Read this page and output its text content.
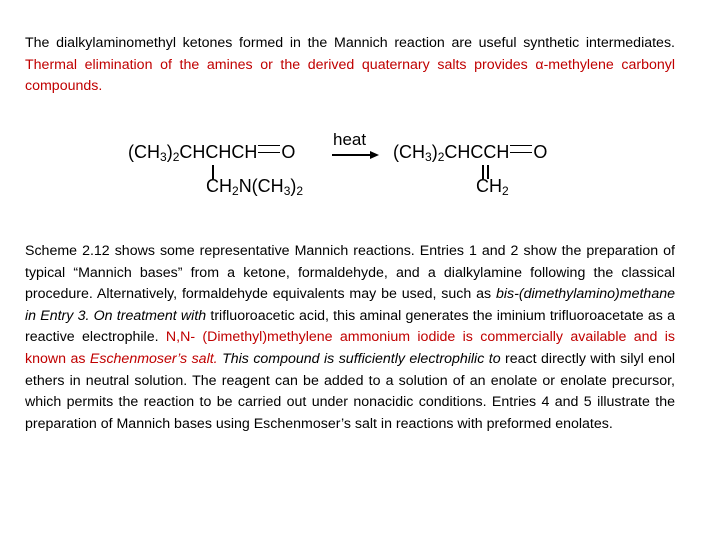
The dialkylaminomethyl ketones formed in the Mannich reaction are useful synthetic intermediates. Thermal elimination of the amines or the derived quaternary salts provides α-methylene carbonyl compounds.

$(CH_3)_2CHCHCH$ O
$CH_2N(CH_3)_2$
heat
$(CH_3)_2CHCCH$ O
$CH_2$

Scheme 2.12 shows some representative Mannich reactions. Entries 1 and 2 show the preparation of typical “Mannich bases” from a ketone, formaldehyde, and a dialkylamine following the classical procedure. Alternatively, formaldehyde equivalents may be used, such as bis-(dimethylamino)methane in Entry 3. On treatment with trifluoroacetic acid, this aminal generates the iminium trifluoroacetate as a reactive electrophile. N,N- (Dimethyl)methylene ammonium iodide is commercially available and is known as Eschenmoser’s salt. This compound is sufficiently electrophilic to react directly with silyl enol ethers in neutral solution. The reagent can be added to a solution of an enolate or enolate precursor, which permits the reaction to be carried out under nonacidic conditions. Entries 4 and 5 illustrate the preparation of Mannich bases using Eschenmoser’s salt in reactions with preformed enolates.
